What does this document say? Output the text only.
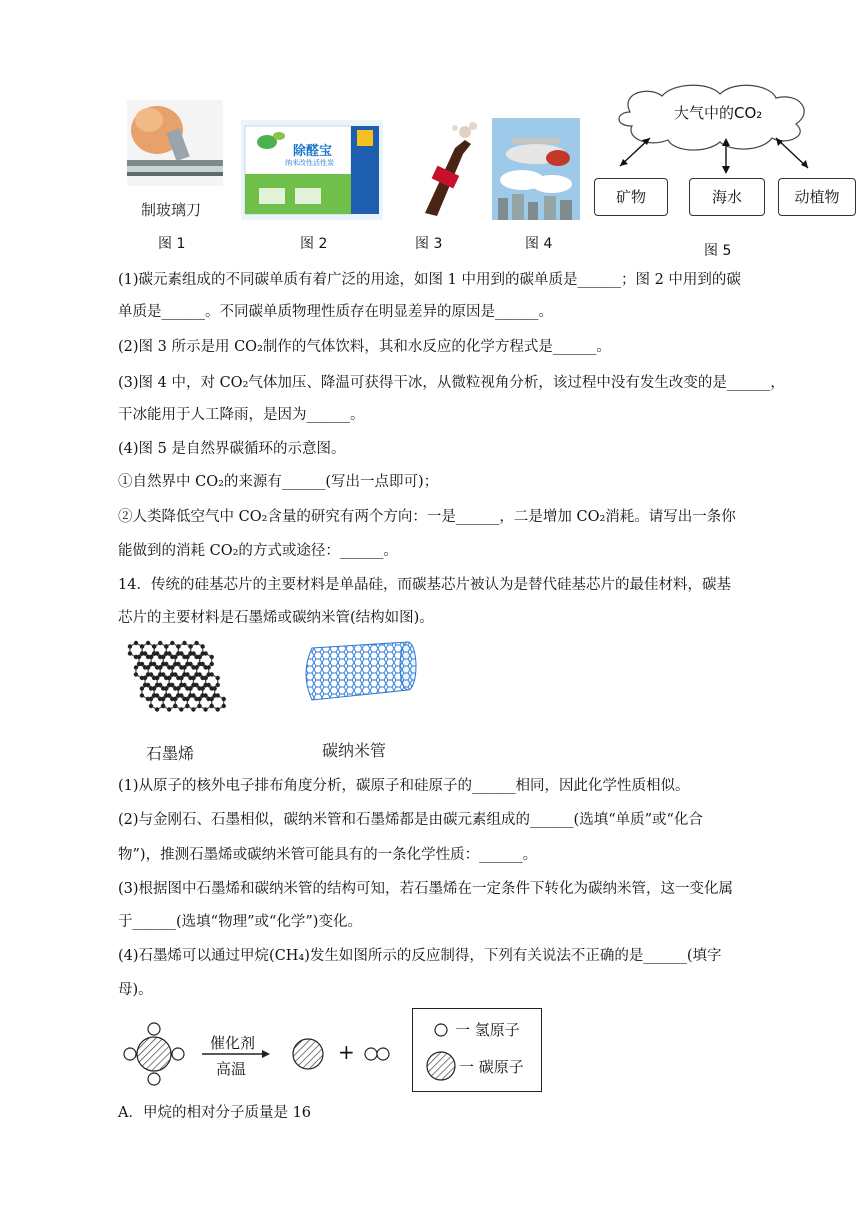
制玻璃刀
除醛宝
纳米改性活性炭
大气中的CO₂
矿物	海水	动植物
图 1	图 2	图 3	图 4	图 5
(1)碳元素组成的不同碳单质有着广泛的用途，如图 1 中用到的碳单质是______；图 2 中用到的碳
单质是______。不同碳单质物理性质存在明显差异的原因是______。
(2)图 3 所示是用 CO₂制作的气体饮料，其和水反应的化学方程式是______。
(3)图 4 中，对 CO₂气体加压、降温可获得干冰，从微粒视角分析，该过程中没有发生改变的是______，
干冰能用于人工降雨，是因为______。
(4)图 5 是自然界碳循环的示意图。
①自然界中 CO₂的来源有______(写出一点即可)；
②人类降低空气中 CO₂含量的研究有两个方向：一是______，二是增加 CO₂消耗。请写出一条你
能做到的消耗 CO₂的方式或途径：______。
14．传统的硅基芯片的主要材料是单晶硅，而碳基芯片被认为是替代硅基芯片的最佳材料，碳基
芯片的主要材料是石墨烯或碳纳米管(结构如图)。
石墨烯	碳纳米管
(1)从原子的核外电子排布角度分析，碳原子和硅原子的______相同，因此化学性质相似。
(2)与金刚石、石墨相似，碳纳米管和石墨烯都是由碳元素组成的______(选填“单质”或“化合
物”)，推测石墨烯或碳纳米管可能具有的一条化学性质：______。
(3)根据图中石墨烯和碳纳米管的结构可知，若石墨烯在一定条件下转化为碳纳米管，这一变化属
于______(选填“物理”或“化学”)变化。
(4)石墨烯可以通过甲烷(CH₄)发生如图所示的反应制得，下列有关说法不正确的是______(填字
母)。
催化剂
高温
+
一 氢原子
一 碳原子
A．甲烷的相对分子质量是 16
